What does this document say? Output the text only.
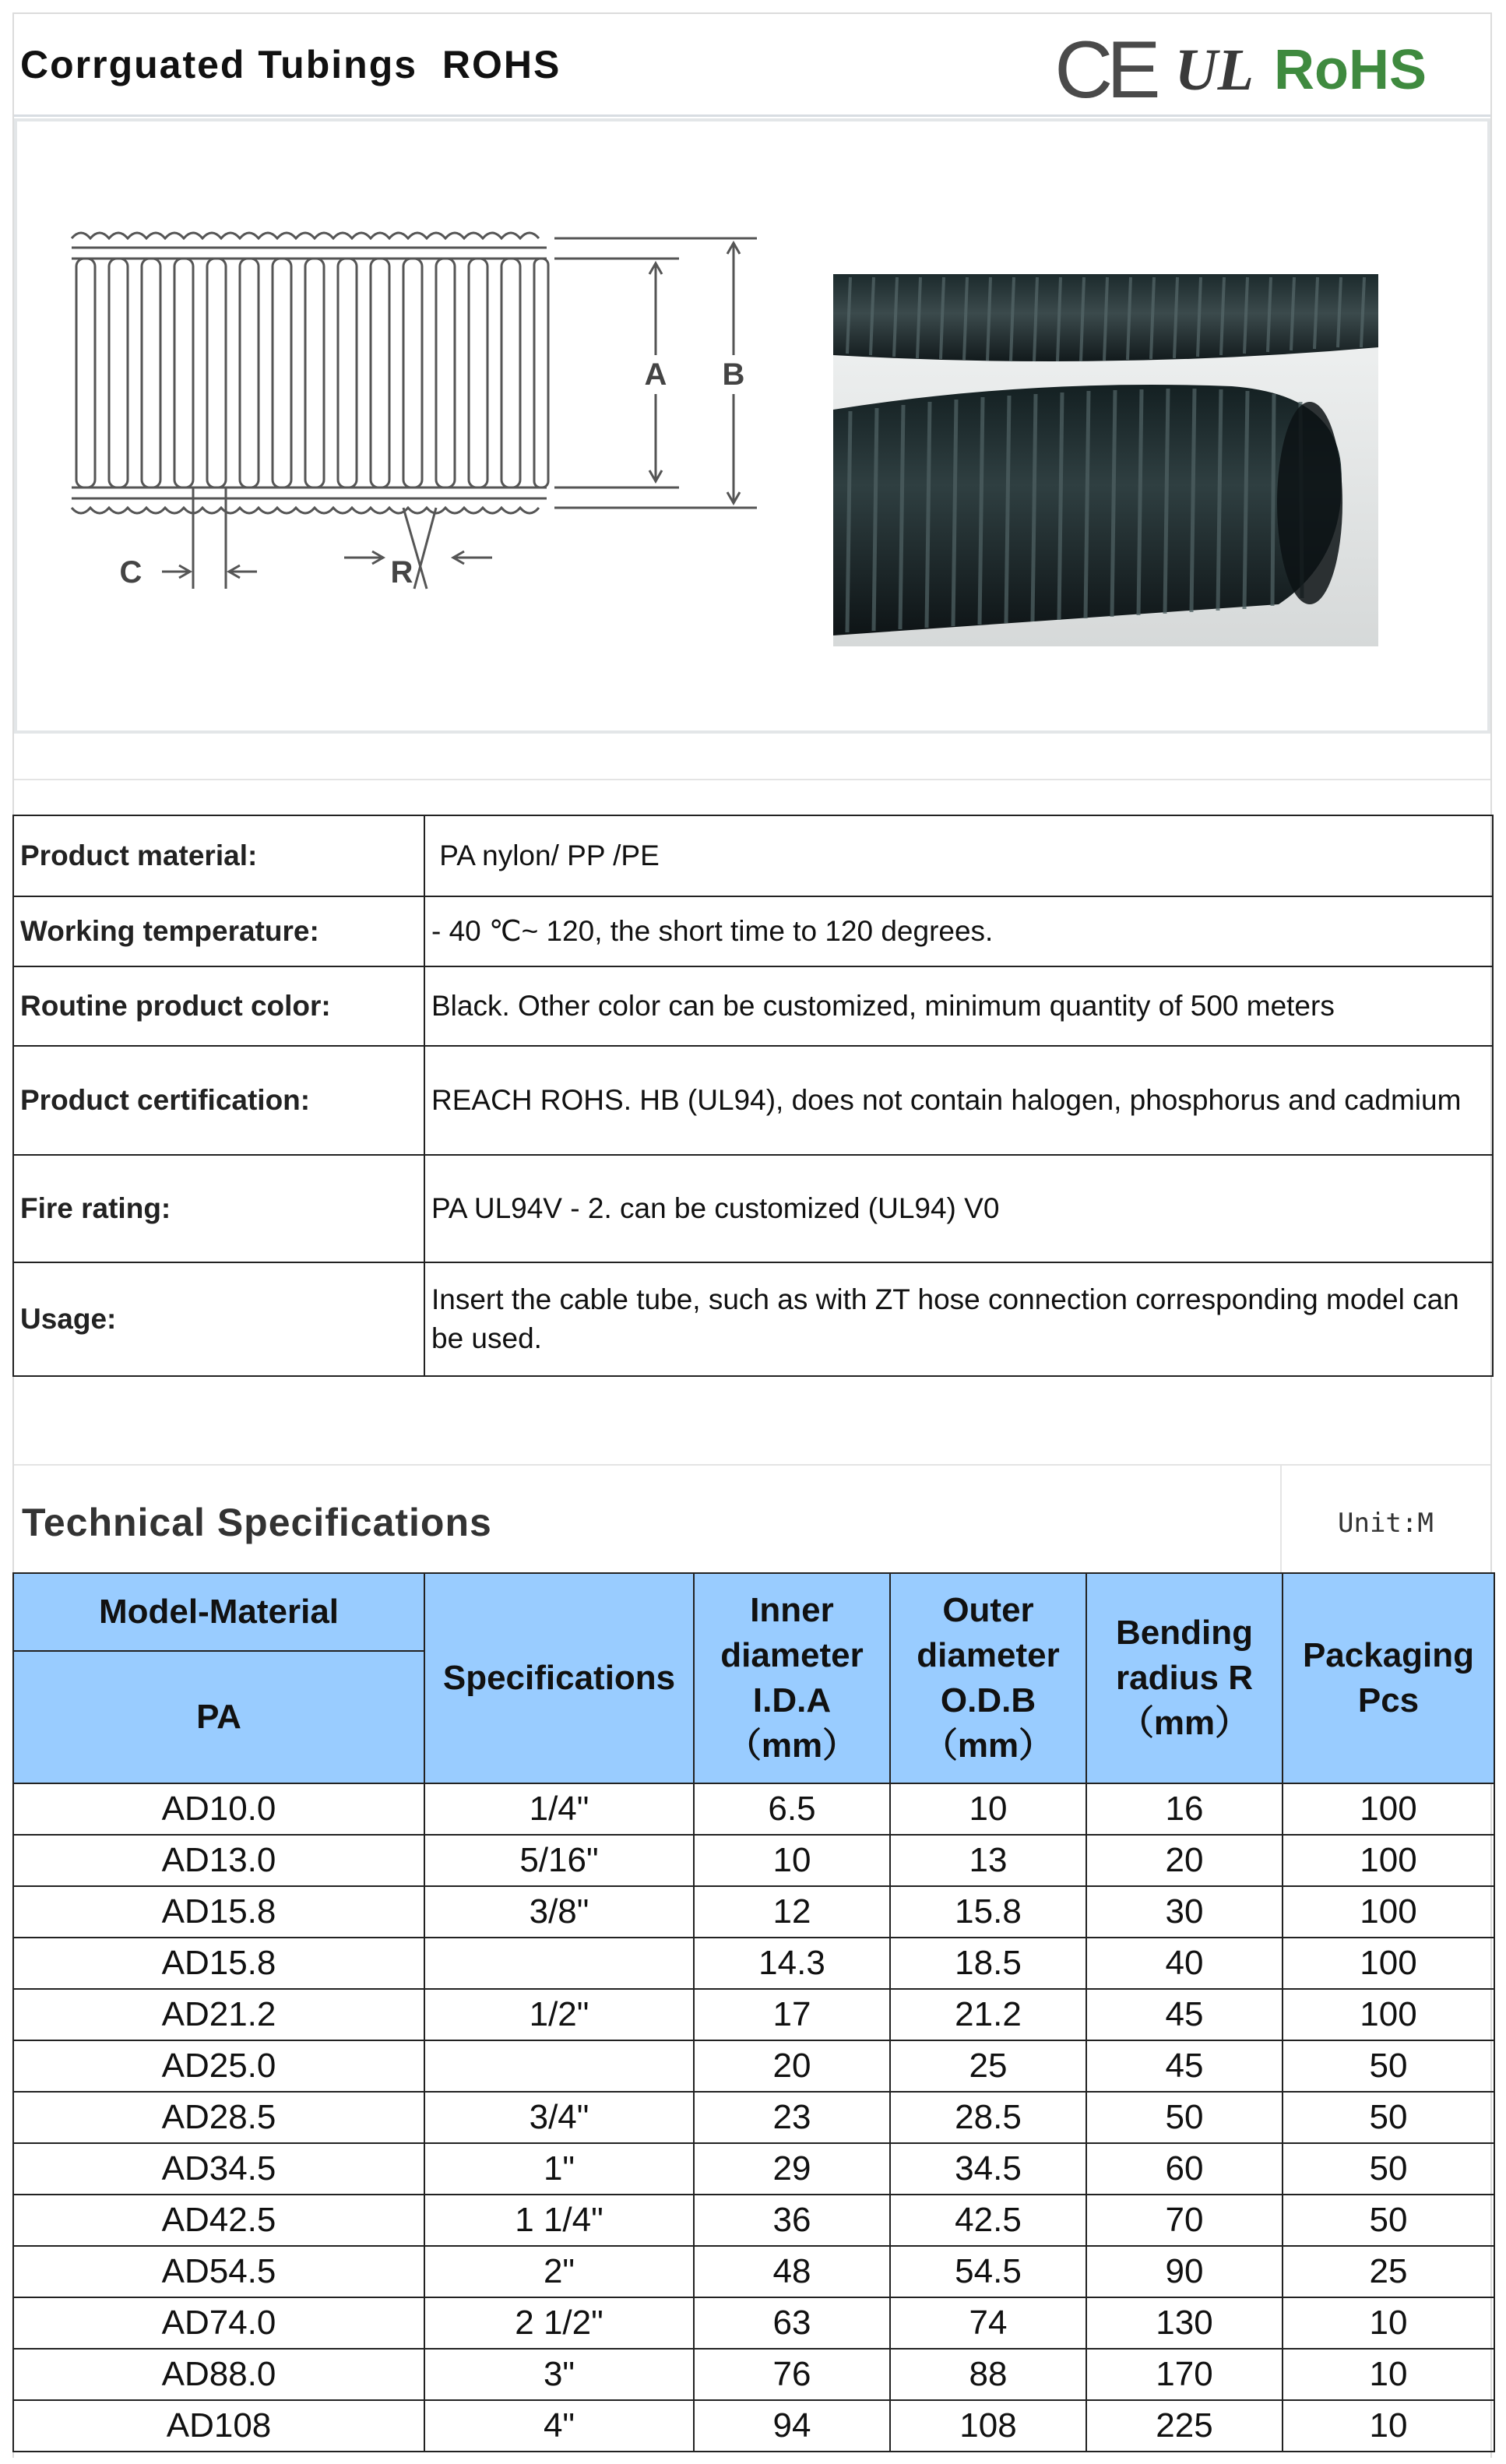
Corrguated Tubings  ROHS	CE UL RoHS
A B
C	R
Product material:	PA nylon/ PP /PE
Working temperature:	- 40 ℃~ 120, the short time to 120 degrees.
Routine product color:	Black. Other color can be customized, minimum quantity of 500 meters
Product certification:	REACH ROHS. HB (UL94), does not contain halogen, phosphorus and cadmium
Fire rating:	PA UL94V - 2. can be customized (UL94) V0
Usage:	Insert the cable tube, such as with ZT hose connection corresponding model can be used.
Technical Specifications	Unit:M
Model-Material	Specifications	Inner diameter I.D.A （mm）	Outer diameter O.D.B （mm）	Bending radius R（mm）	Packaging Pcs
PA					
AD10.0	1/4"	6.5	10	16	100
AD13.0	5/16"	10	13	20	100
AD15.8	3/8"	12	15.8	30	100
AD15.8		14.3	18.5	40	100
AD21.2	1/2"	17	21.2	45	100
AD25.0		20	25	45	50
AD28.5	3/4"	23	28.5	50	50
AD34.5	1"	29	34.5	60	50
AD42.5	1 1/4"	36	42.5	70	50
AD54.5	2"	48	54.5	90	25
AD74.0	2 1/2"	63	74	130	10
AD88.0	3"	76	88	170	10
AD108	4"	94	108	225	10
